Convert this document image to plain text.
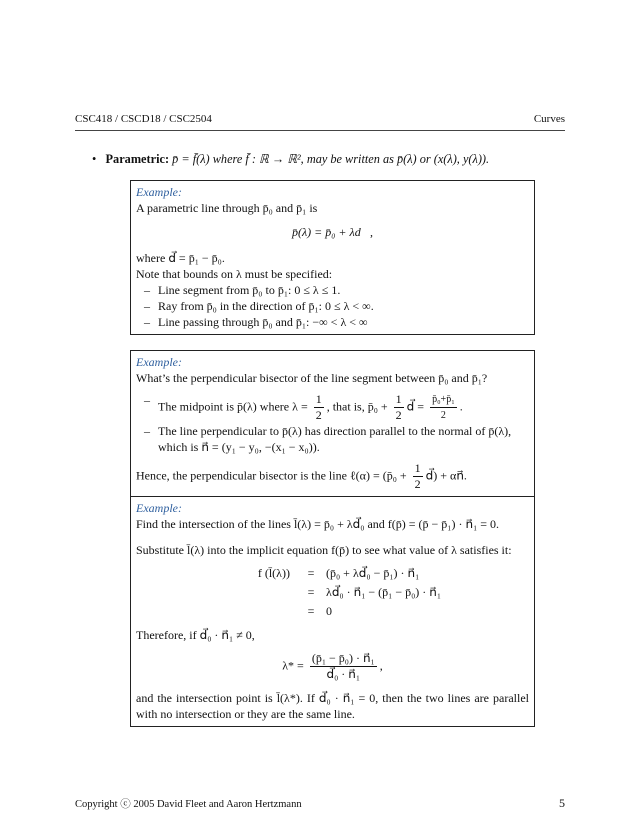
CSC418 / CSCD18 / CSC2504	Curves
•   Parametric: p̄ = f̄(λ) where f̄ : ℝ → ℝ², may be written as p̄(λ) or (x(λ), y(λ)).
Example:
A parametric line through p̄₀ and p̄₁ is
p̄(λ) = p̄₀ + λd⃗,
where d⃗ = p̄₁ − p̄₀.
Note that bounds on λ must be specified:
– Line segment from p̄₀ to p̄₁: 0 ≤ λ ≤ 1.
– Ray from p̄₀ in the direction of p̄₁: 0 ≤ λ < ∞.
– Line passing through p̄₀ and p̄₁: −∞ < λ < ∞
Example:
What’s the perpendicular bisector of the line segment between p̄₀ and p̄₁?
– The midpoint is p̄(λ) where $\lambda = \frac{1}{2}$ , that is, p̄₀ + $\frac{1}{2}$ d⃗ = $\frac{\text{p̄₀+p̄₁}}{2}$ .
– The line perpendicular to p̄(λ) has direction parallel to the normal of p̄(λ), which is n⃗ = (y₁ − y₀, −(x₁ − x₀)).
Hence, the perpendicular bisector is the line ℓ(α) = (p̄₀ + $\frac{1}{2}$ d⃗) + αn⃗.
Example:
Find the intersection of the lines l̄(λ) = p̄₀ + λd⃗₀ and f(p̄) = (p̄ − p̄₁) · n⃗₁ = 0.
Substitute l̄(λ) into the implicit equation f(p̄) to see what value of λ satisfies it:
f (l̄(λ))	= (p̄₀ + λd⃗₀ − p̄₁) · n⃗₁
= λd⃗₀ · n⃗₁ − (p̄₁ − p̄₀) · n⃗₁
= 0
Therefore, if d⃗₀ · n⃗₁ ≠ 0,
$\lambda* = \frac{\text{(p̄₁ − p̄₀) · n⃗₁}}{\text{d⃗₀ · n⃗₁}}$ ,
and the intersection point is l̄(λ*). If d⃗₀ · n⃗₁ = 0, then the two lines are parallel with no intersection or they are the same line.
Copyright ⓒ 2005 David Fleet and Aaron Hertzmann	5
